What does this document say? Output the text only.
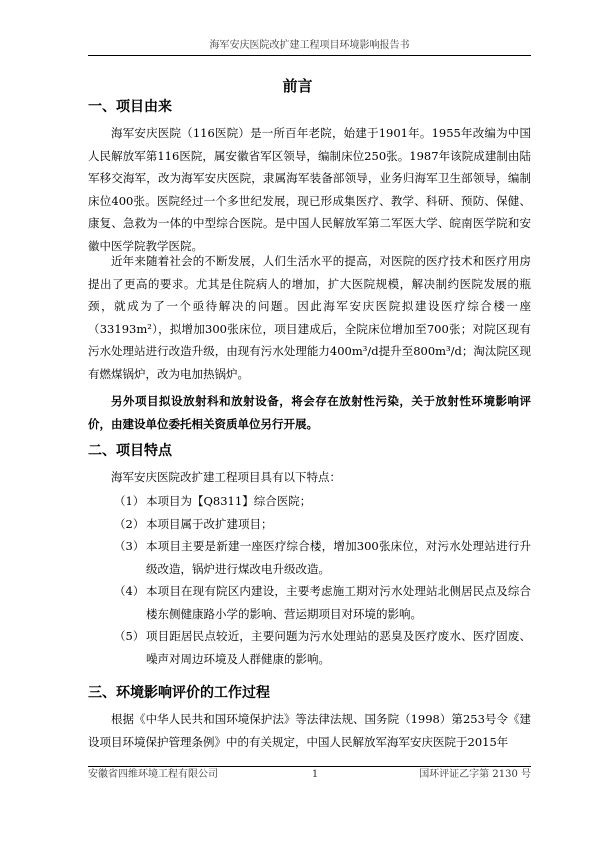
海军安庆医院改扩建工程项目环境影响报告书
前言
一、项目由来

海军安庆医院（116医院）是一所百年老院，始建于1901年。1955年改编为中国人民解放军第116医院，属安徽省军区领导，编制床位250张。1987年该院成建制由陆军移交海军，改为海军安庆医院，隶属海军装备部领导，业务归海军卫生部领导，编制床位400张。医院经过一个多世纪发展，现已形成集医疗、教学、科研、预防、保健、康复、急救为一体的中型综合医院。是中国人民解放军第二军医大学、皖南医学院和安徽中医学院教学医院。

近年来随着社会的不断发展，人们生活水平的提高，对医院的医疗技术和医疗用房提出了更高的要求。尤其是住院病人的增加，扩大医院规模，解决制约医院发展的瓶颈，就成为了一个亟待解决的问题。因此海军安庆医院拟建设医疗综合楼一座（33193m²），拟增加300张床位，项目建成后，全院床位增加至700张；对院区现有污水处理站进行改造升级，由现有污水处理能力400m³/d提升至800m³/d；淘汰院区现有燃煤锅炉，改为电加热锅炉。

另外项目拟设放射科和放射设备，将会存在放射性污染，关于放射性环境影响评价，由建设单位委托相关资质单位另行开展。

二、项目特点

海军安庆医院改扩建工程项目具有以下特点：

（1） 本项目为【Q8311】综合医院；
（2） 本项目属于改扩建项目；
（3） 本项目主要是新建一座医疗综合楼，增加300张床位，对污水处理站进行升级改造，锅炉进行煤改电升级改造。
（4） 本项目在现有院区内建设，主要考虑施工期对污水处理站北侧居民点及综合楼东侧健康路小学的影响、营运期项目对环境的影响。
（5） 项目距居民点较近，主要问题为污水处理站的恶臭及医疗废水、医疗固废、噪声对周边环境及人群健康的影响。
三、环境影响评价的工作过程

根据《中华人民共和国环境保护法》等法律法规、国务院（1998）第253号令《建设项目环境保护管理条例》中的有关规定，中国人民解放军海军安庆医院于2015年

安徽省四维环境工程有限公司	1	国环评证乙字第 2130 号
